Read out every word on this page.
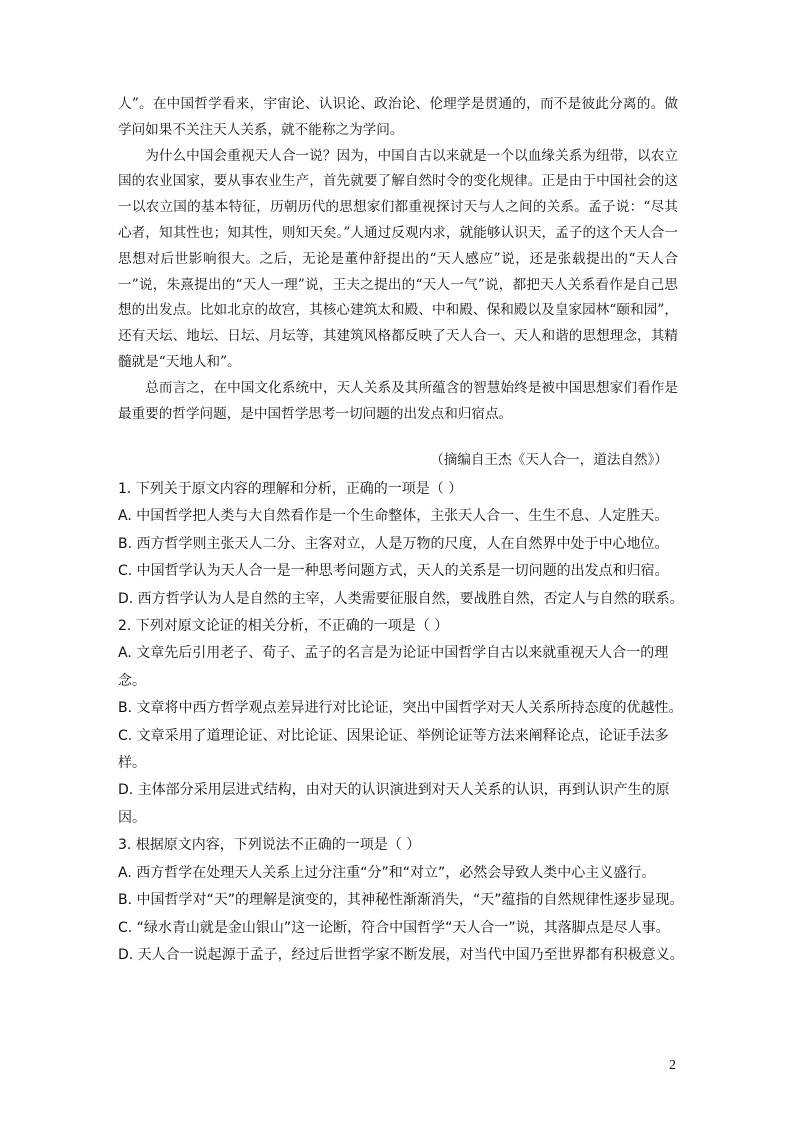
人”。在中国哲学看来，宇宙论、认识论、政治论、伦理学是贯通的，而不是彼此分离的。做学问如果不关注天人关系，就不能称之为学问。

为什么中国会重视天人合一说？因为，中国自古以来就是一个以血缘关系为纽带，以农立国的农业国家，要从事农业生产，首先就要了解自然时令的变化规律。正是由于中国社会的这一以农立国的基本特征，历朝历代的思想家们都重视探讨天与人之间的关系。孟子说：“尽其心者，知其性也；知其性，则知天矣。”人通过反观内求，就能够认识天，孟子的这个天人合一思想对后世影响很大。之后，无论是董仲舒提出的“天人感应”说，还是张载提出的“天人合一”说，朱熹提出的“天人一理”说，王夫之提出的“天人一气”说，都把天人关系看作是自己思想的出发点。比如北京的故宫，其核心建筑太和殿、中和殿、保和殿以及皇家园林“颐和园”，还有天坛、地坛、日坛、月坛等，其建筑风格都反映了天人合一、天人和谐的思想理念，其精髓就是“天地人和”。

总而言之，在中国文化系统中，天人关系及其所蕴含的智慧始终是被中国思想家们看作是最重要的哲学问题，是中国哲学思考一切问题的出发点和归宿点。

（摘编自王杰《天人合一，道法自然》）

1. 下列关于原文内容的理解和分析，正确的一项是（ ）

A. 中国哲学把人类与大自然看作是一个生命整体，主张天人合一、生生不息、人定胜天。

B. 西方哲学则主张天人二分、主客对立，人是万物的尺度，人在自然界中处于中心地位。

C. 中国哲学认为天人合一是一种思考问题方式，天人的关系是一切问题的出发点和归宿。

D. 西方哲学认为人是自然的主宰，人类需要征服自然，要战胜自然，否定人与自然的联系。

2. 下列对原文论证的相关分析，不正确的一项是（ ）

A. 文章先后引用老子、荀子、孟子的名言是为论证中国哲学自古以来就重视天人合一的理念。

B. 文章将中西方哲学观点差异进行对比论证，突出中国哲学对天人关系所持态度的优越性。

C. 文章采用了道理论证、对比论证、因果论证、举例论证等方法来阐释论点，论证手法多样。

D. 主体部分采用层进式结构，由对天的认识演进到对天人关系的认识，再到认识产生的原因。

3. 根据原文内容，下列说法不正确的一项是（ ）

A. 西方哲学在处理天人关系上过分注重“分”和“对立”，必然会导致人类中心主义盛行。

B. 中国哲学对“天”的理解是演变的，其神秘性渐渐消失，“天”蕴指的自然规律性逐步显现。

C. “绿水青山就是金山银山”这一论断，符合中国哲学“天人合一”说，其落脚点是尽人事。

D. 天人合一说起源于孟子，经过后世哲学家不断发展，对当代中国乃至世界都有积极意义。

2
